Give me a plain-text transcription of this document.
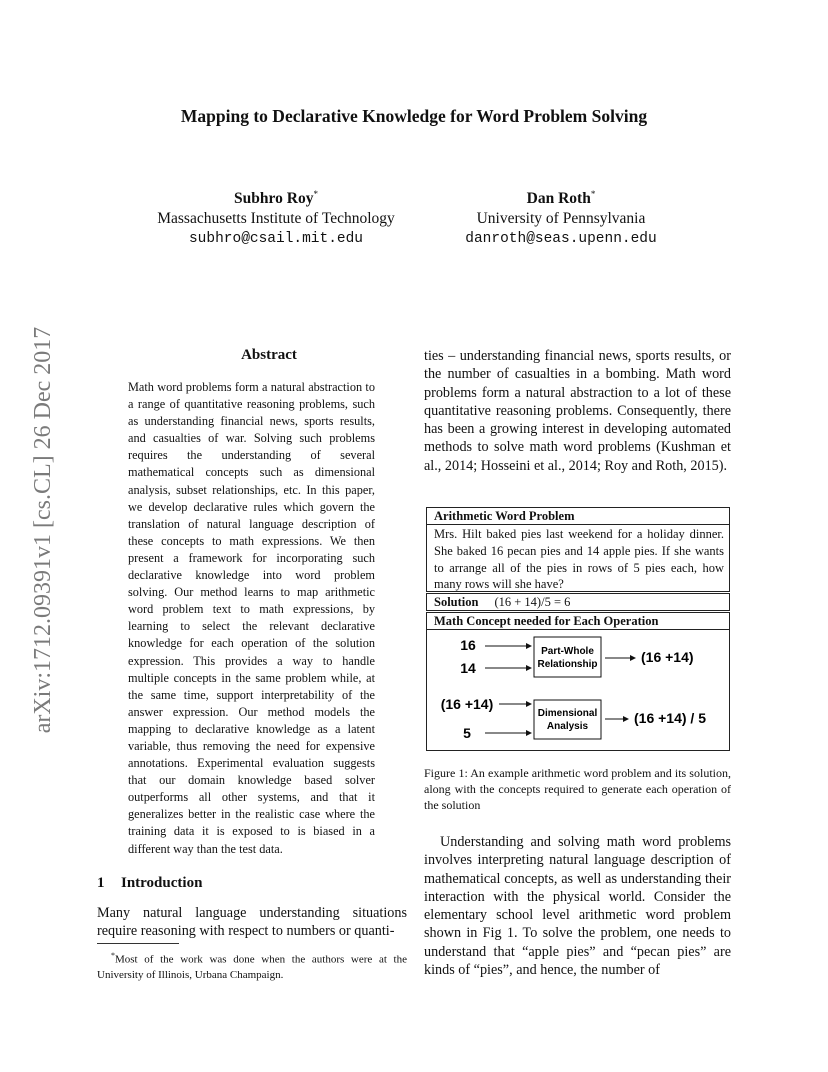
Mapping to Declarative Knowledge for Word Problem Solving
Subhro Roy*
Massachusetts Institute of Technology
subhro@csail.mit.edu
Dan Roth*
University of Pennsylvania
danroth@seas.upenn.edu
arXiv:1712.09391v1 [cs.CL] 26 Dec 2017	Abstract
Math word problems form a natural abstraction to a range of quantitative reasoning problems, such as understanding financial news, sports results, and casualties of war. Solving such problems requires the understanding of several mathematical concepts such as dimensional analysis, subset relationships, etc. In this paper, we develop declarative rules which govern the translation of natural language description of these concepts to math expressions. We then present a framework for incorporating such declarative knowledge into word problem solving. Our method learns to map arithmetic word problem text to math expressions, by learning to select the relevant declarative knowledge for each operation of the solution expression. This provides a way to handle multiple concepts in the same problem while, at the same time, support interpretability of the answer expression. Our method models the mapping to declarative knowledge as a latent variable, thus removing the need for expensive annotations. Experimental evaluation suggests that our domain knowledge based solver outperforms all other systems, and that it generalizes better in the realistic case where the training data it is exposed to is biased in a different way than the test data.
1 Introduction
Many natural language understanding situations require reasoning with respect to numbers or quanti-
*Most of the work was done when the authors were at the University of Illinois, Urbana Champaign.
ties – understanding financial news, sports results, or the number of casualties in a bombing. Math word problems form a natural abstraction to a lot of these quantitative reasoning problems. Consequently, there has been a growing interest in developing automated methods to solve math word problems (Kushman et al., 2014; Hosseini et al., 2014; Roy and Roth, 2015).
Arithmetic Word Problem
Mrs. Hilt baked pies last weekend for a holiday dinner. She baked 16 pecan pies and 14 apple pies. If she wants to arrange all of the pies in rows of 5 pies each, how many rows will she have?
Solution (16 + 14)/5 = 6
Math Concept needed for Each Operation
16
14
Part-Whole
Relationship	(16 +14)
(16 +14)
5
Dimensional
Analysis
(16 +14) / 5
Figure 1: An example arithmetic word problem and its solution, along with the concepts required to generate each operation of the solution
Understanding and solving math word problems involves interpreting natural language description of mathematical concepts, as well as understanding their interaction with the physical world. Consider the elementary school level arithmetic word problem shown in Fig 1. To solve the problem, one needs to understand that “apple pies” and “pecan pies” are kinds of “pies”, and hence, the number of
